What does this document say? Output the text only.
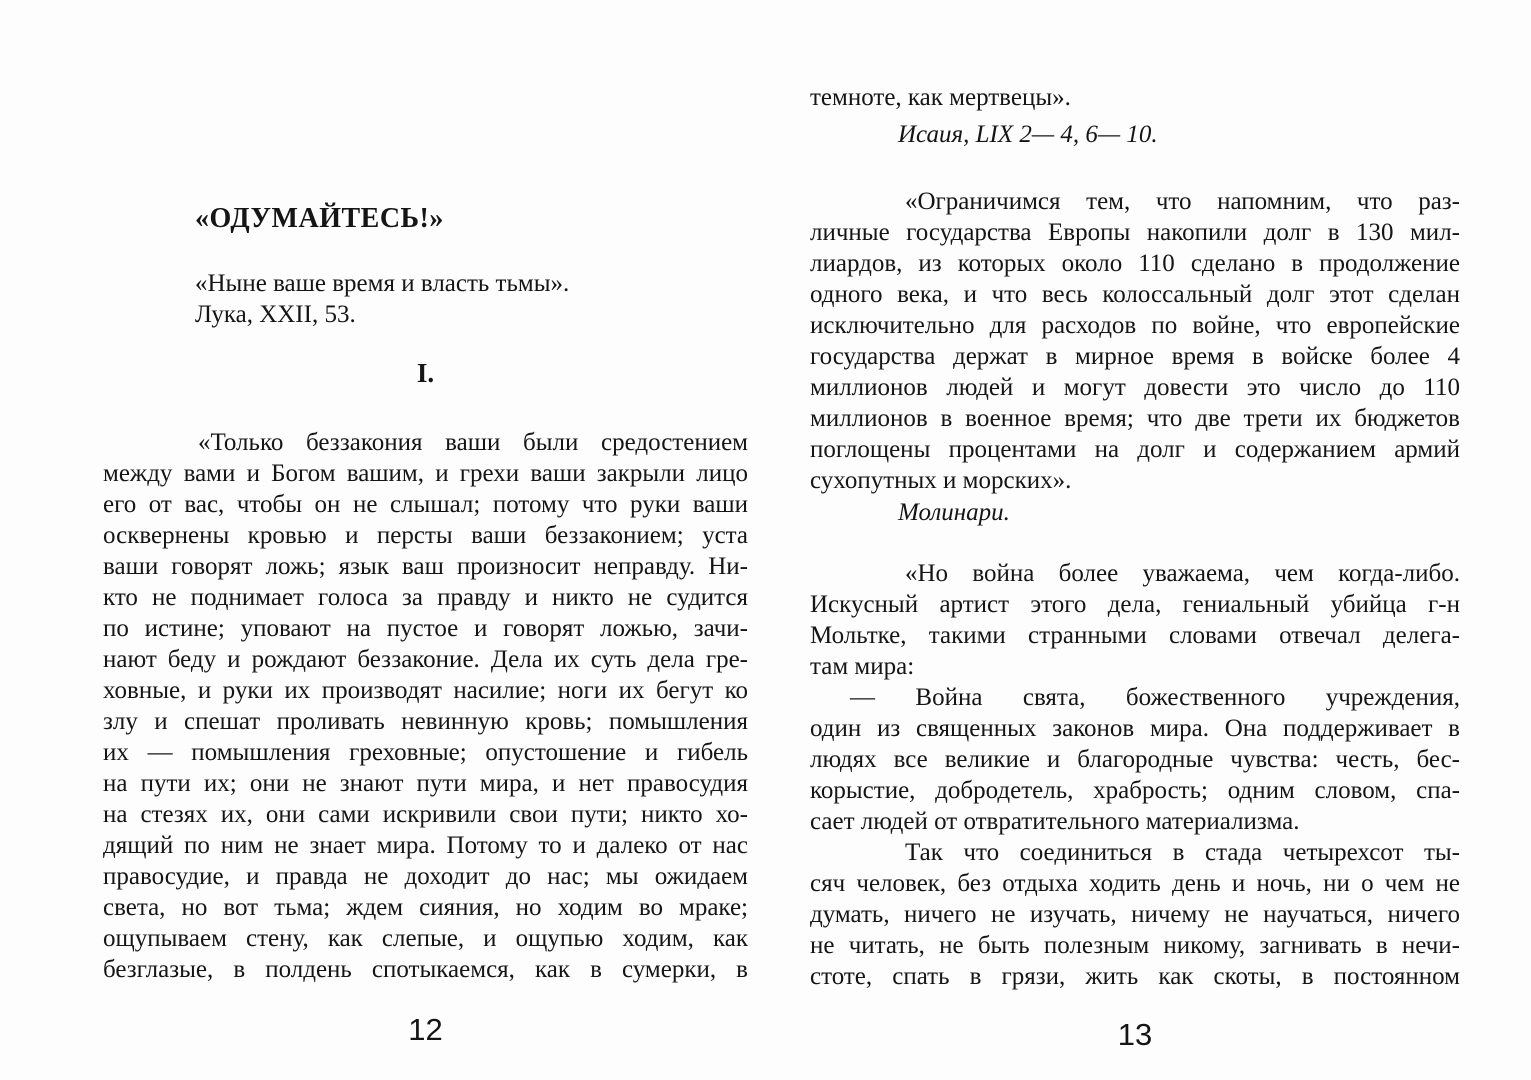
«ОДУМАЙТЕСЬ!»
«Ныне ваше время и власть тьмы».
Лука, XXII, 53.
I.
«Только беззакония ваши были средостением
между вами и Богом вашим, и грехи ваши закрыли лицо
его от вас, чтобы он не слышал; потому что руки ваши
осквернены кровью и персты ваши беззаконием; уста
ваши говорят ложь; язык ваш произносит неправду. Ни-
кто не поднимает голоса за правду и никто не судится
по истине; уповают на пустое и говорят ложью, зачи-
нают беду и рождают беззаконие. Дела их суть дела гре-
ховные, и руки их производят насилие; ноги их бегут ко
злу и спешат проливать невинную кровь; помышления
их — помышления греховные; опустошение и гибель
на пути их; они не знают пути мира, и нет правосудия
на стезях их, они сами искривили свои пути; никто хо-
дящий по ним не знает мира. Потому то и далеко от нас
правосудие, и правда не доходит до нас; мы ожидаем
света, но вот тьма; ждем сияния, но ходим во мраке;
ощупываем стену, как слепые, и ощупью ходим, как
безглазые, в полдень спотыкаемся, как в сумерки, в
12
темноте, как мертвецы».
Исаия, LIX 2— 4, 6— 10.
«Ограничимся тем, что напомним, что раз-
личные государства Европы накопили долг в 130 мил-
лиардов, из которых около 110 сделано в продолжение
одного века, и что весь колоссальный долг этот сделан
исключительно для расходов по войне, что европейские
государства держат в мирное время в войске более 4
миллионов людей и могут довести это число до 110
миллионов в военное время; что две трети их бюджетов
поглощены процентами на долг и содержанием армий
сухопутных и морских».
Молинари.
«Но война более уважаема, чем когда-либо.
Искусный артист этого дела, гениальный убийца г-н
Мольтке, такими странными словами отвечал делега-
там мира:
— Война свята, божественного учреждения,
один из священных законов мира. Она поддерживает в
людях все великие и благородные чувства: честь, бес-
корыстие, добродетель, храбрость; одним словом, спа-
сает людей от отвратительного материализма.
Так что соединиться в стада четырехсот ты-
сяч человек, без отдыха ходить день и ночь, ни о чем не
думать, ничего не изучать, ничему не научаться, ничего
не читать, не быть полезным никому, загнивать в нечи-
стоте, спать в грязи, жить как скоты, в постоянном
13
